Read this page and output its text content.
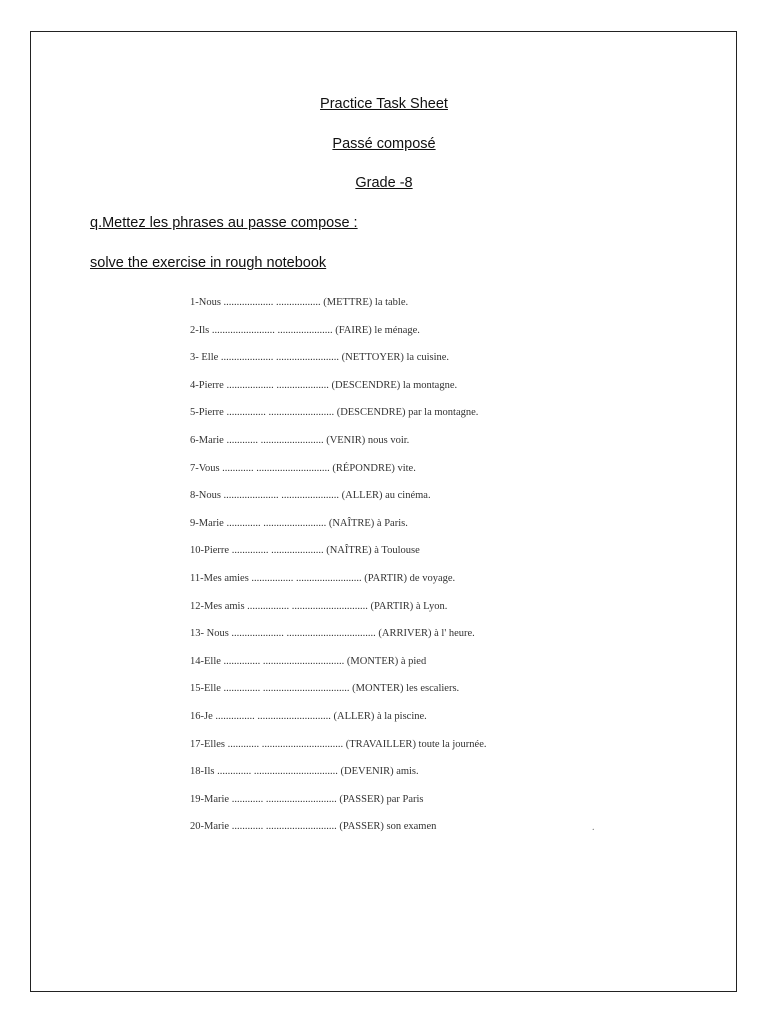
Practice Task Sheet
Passé composé
Grade -8
q.Mettez les phrases au passe compose :
solve the exercise in rough notebook
1-Nous ................... ................. (METTRE) la table.
2-Ils ........................ ..................... (FAIRE) le ménage.
3- Elle .................... ........................ (NETTOYER) la cuisine.
4-Pierre .................. .................... (DESCENDRE) la montagne.
5-Pierre ............... ......................... (DESCENDRE) par la montagne.
6-Marie ............ ........................ (VENIR) nous voir.
7-Vous ............ ............................ (RÉPONDRE) vite.
8-Nous ..................... ...................... (ALLER) au cinéma.
9-Marie ............. ........................ (NAÎTRE) à Paris.
10-Pierre .............. .................... (NAÎTRE) à Toulouse
11-Mes amies ................ ......................... (PARTIR) de voyage.
12-Mes amis ................ ............................. (PARTIR) à Lyon.
13- Nous .................... .................................. (ARRIVER) à l' heure.
14-Elle .............. ............................... (MONTER) à pied
15-Elle .............. ................................. (MONTER) les escaliers.
16-Je ............... ............................ (ALLER) à la piscine.
17-Elles ............ ............................... (TRAVAILLER) toute la journée.
18-Ils ............. ................................ (DEVENIR) amis.
19-Marie ............ ........................... (PASSER) par Paris
20-Marie ............ ........................... (PASSER) son examen	.
